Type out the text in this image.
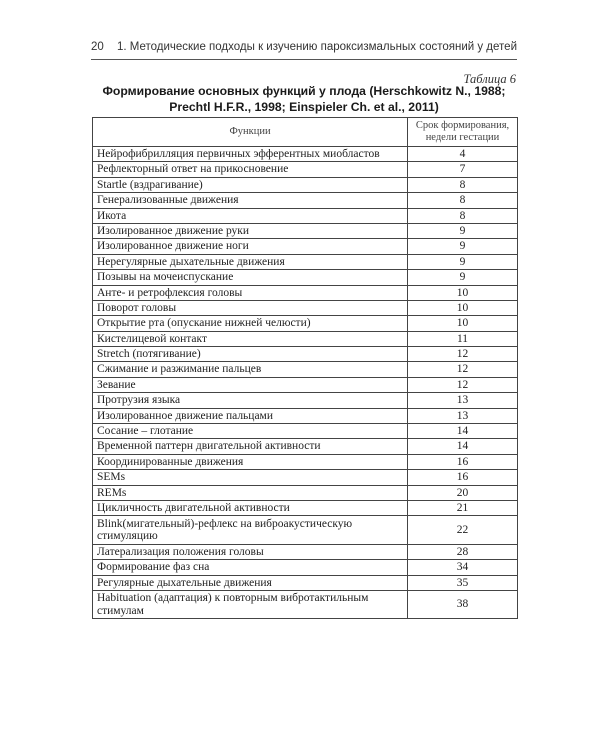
20 1. Методические подходы к изучению пароксизмальных состояний у детей
Таблица 6
Формирование основных функций у плода (Herschkowitz N., 1988;
Prechtl H.F.R., 1998; Einspieler Ch. et al., 2011)
Функции	Срок формирования,
недели гестации

Нейрофибрилляция первичных эфферентных миобластов	4
Рефлекторный ответ на прикосновение	7
Startle (вздрагивание)	8
Генерализованные движения	8
Икота	8
Изолированное движение руки	9
Изолированное движение ноги	9
Нерегулярные дыхательные движения	9
Позывы на мочеиспускание	9
Анте- и ретрофлексия головы	10
Поворот головы	10
Открытие рта (опускание нижней челюсти)	10
Кистелицевой контакт	11
Stretch (потягивание)	12
Сжимание и разжимание пальцев	12
Зевание	12
Протрузия языка	13
Изолированное движение пальцами	13
Сосание – глотание	14
Временной паттерн двигательной активности	14
Координированные движения	16
SEMs	16
REMs	20
Цикличность двигательной активности	21
Blink(мигательный)-рефлекс на виброакустическую стимуляцию	22
Латерализация положения головы	28
Формирование фаз сна	34
Регулярные дыхательные движения	35
Habituation (адаптация) к повторным вибротактильным стимулам	38
